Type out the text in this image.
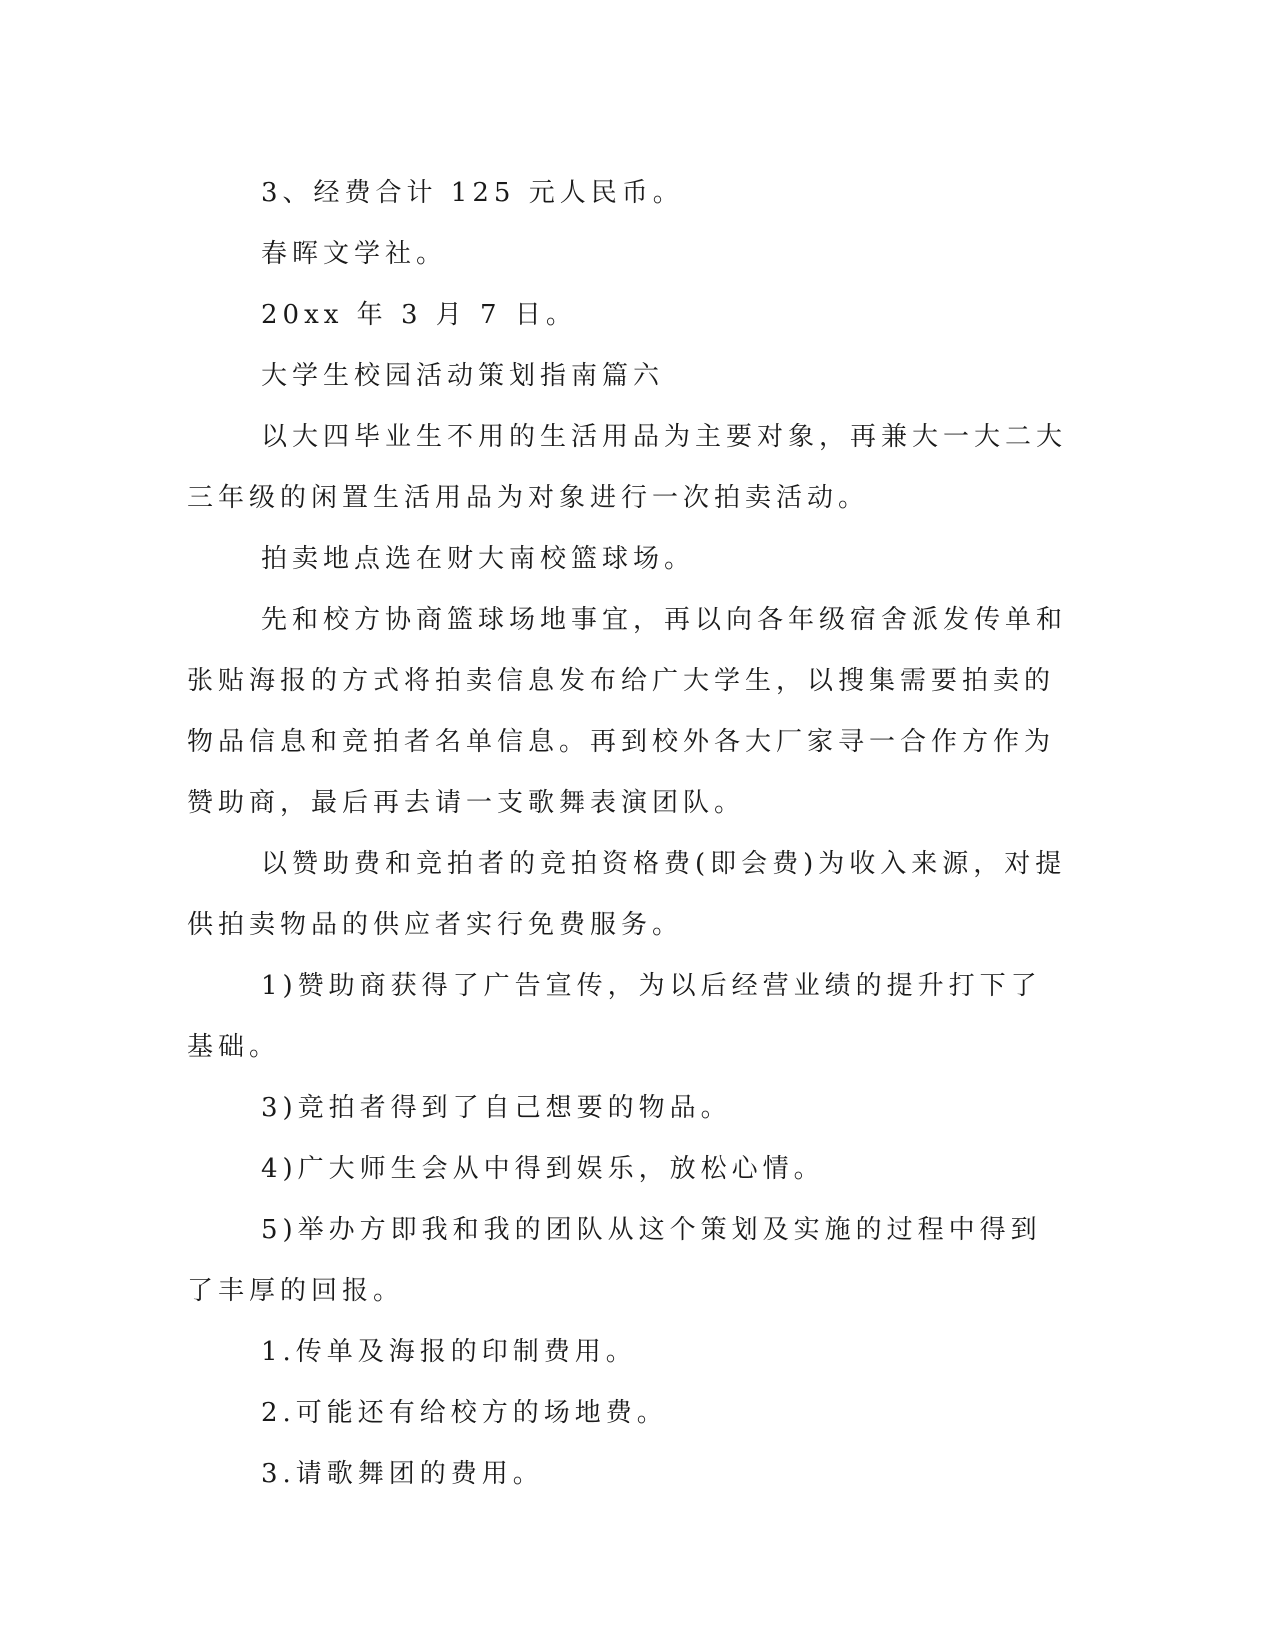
3、经费合计 125 元人民币。

春晖文学社。

20xx 年 3 月 7 日。

大学生校园活动策划指南篇六

以大四毕业生不用的生活用品为主要对象，再兼大一大二大三年级的闲置生活用品为对象进行一次拍卖活动。

拍卖地点选在财大南校篮球场。

先和校方协商篮球场地事宜，再以向各年级宿舍派发传单和张贴海报的方式将拍卖信息发布给广大学生，以搜集需要拍卖的物品信息和竞拍者名单信息。再到校外各大厂家寻一合作方作为赞助商，最后再去请一支歌舞表演团队。

以赞助费和竞拍者的竞拍资格费(即会费)为收入来源，对提供拍卖物品的供应者实行免费服务。

1)赞助商获得了广告宣传，为以后经营业绩的提升打下了基础。

3)竞拍者得到了自己想要的物品。

4)广大师生会从中得到娱乐，放松心情。

5)举办方即我和我的团队从这个策划及实施的过程中得到了丰厚的回报。

1.传单及海报的印制费用。

2.可能还有给校方的场地费。

3.请歌舞团的费用。
